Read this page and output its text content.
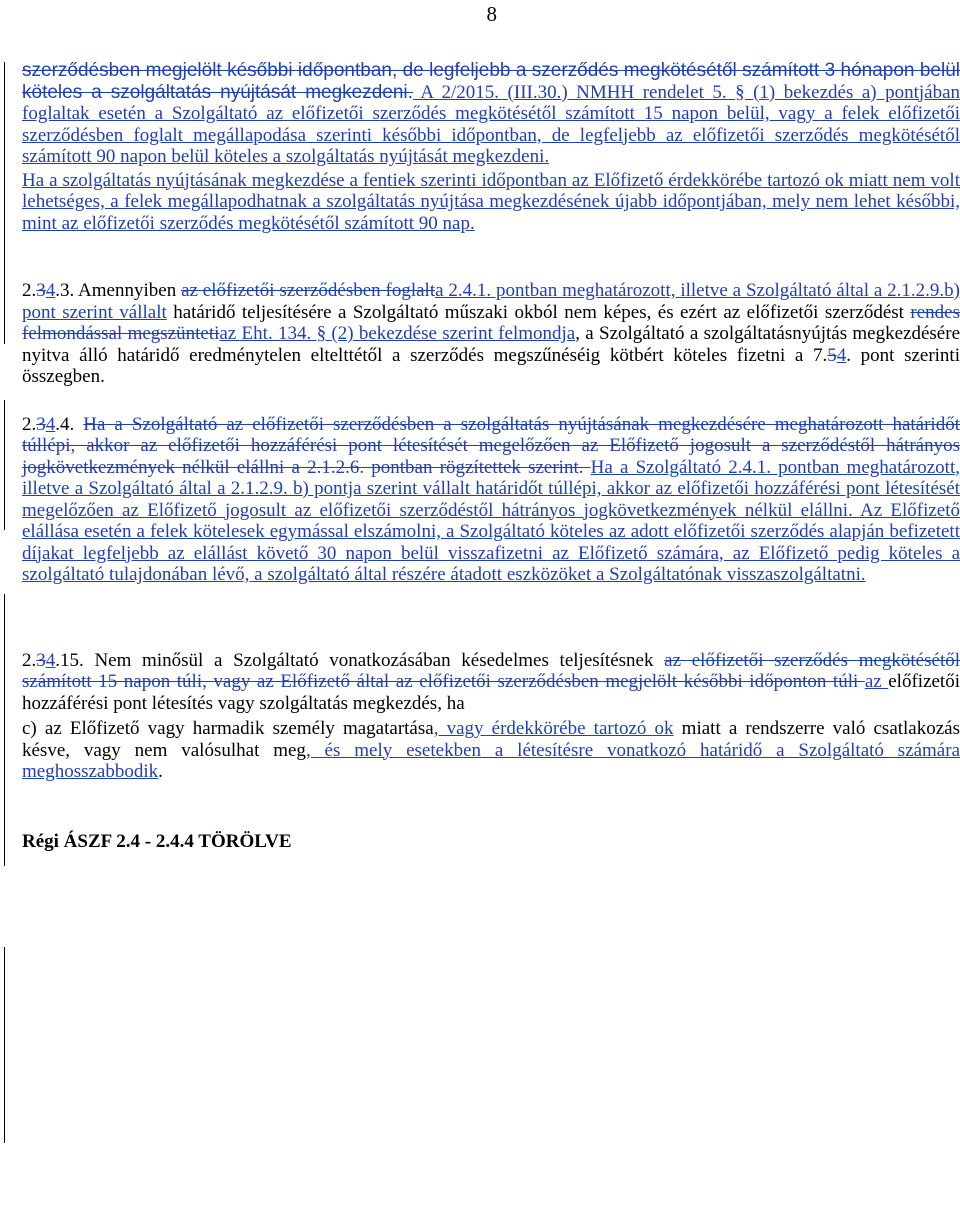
8

szerződésben megjelölt későbbi időpontban, de legfeljebb a szerződés megkötésétől számított 3 hónapon belül köteles a szolgáltatás nyújtását megkezdeni. A 2/2015. (III.30.) NMHH rendelet 5. § (1) bekezdés a) pontjában foglaltak esetén a Szolgáltató az előfizetői szerződés megkötésétől számított 15 napon belül, vagy a felek előfizetői szerződésben foglalt megállapodása szerinti későbbi időpontban, de legfeljebb az előfizetői szerződés megkötésétől számított 90 napon belül köteles a szolgáltatás nyújtását megkezdeni.

Ha a szolgáltatás nyújtásának megkezdése a fentiek szerinti időpontban az Előfizető érdekkörébe tartozó ok miatt nem volt lehetséges, a felek megállapodhatnak a szolgáltatás nyújtása megkezdésének újabb időpontjában, mely nem lehet későbbi, mint az előfizetői szerződés megkötésétől számított 90 nap.

2.34.3. Amennyiben az előfizetői szerződésben foglalta 2.4.1. pontban meghatározott, illetve a Szolgáltató által a 2.1.2.9.b) pont szerint vállalt határidő teljesítésére a Szolgáltató műszaki okból nem képes, és ezért az előfizetői szerződést rendes felmondással megszüntetiaz Eht. 134. § (2) bekezdése szerint felmondja, a Szolgáltató a szolgáltatásnyújtás megkezdésére nyitva álló határidő eredménytelen eltelttétől a szerződés megszűnéséig kötbért köteles fizetni a 7.54. pont szerinti összegben.

2.34.4. Ha a Szolgáltató az előfizetői szerződésben a szolgáltatás nyújtásának megkezdésére meghatározott határidőt túllépi, akkor az előfizetői hozzáférési pont létesítését megelőzően az Előfizető jogosult a szerződéstől hátrányos jogkövetkezmények nélkül elállni a 2.1.2.6. pontban rögzítettek szerint. Ha a Szolgáltató 2.4.1. pontban meghatározott, illetve a Szolgáltató által a 2.1.2.9. b) pontja szerint vállalt határidőt túllépi, akkor az előfizetői hozzáférési pont létesítését megelőzően az Előfizető jogosult az előfizetői szerződéstől hátrányos jogkövetkezmények nélkül elállni. Az Előfizető elállása esetén a felek kötelesek egymással elszámolni, a Szolgáltató köteles az adott előfizetői szerződés alapján befizetett díjakat legfeljebb az elállást követő 30 napon belül visszafizetni az Előfizető számára, az Előfizető pedig köteles a szolgáltató tulajdonában lévő, a szolgáltató által részére átadott eszközöket a Szolgáltatónak visszaszolgáltatni.

2.34.15. Nem minősül a Szolgáltató vonatkozásában késedelmes teljesítésnek az előfizetői szerződés megkötésétől számított 15 napon túli, vagy az Előfizető által az előfizetői szerződésben megjelölt későbbi időponton túli az előfizetői hozzáférési pont létesítés vagy szolgáltatás megkezdés, ha

c) az Előfizető vagy harmadik személy magatartása, vagy érdekkörébe tartozó ok miatt a rendszerre való csatlakozás késve, vagy nem valósulhat meg, és mely esetekben a létesítésre vonatkozó határidő a Szolgáltató számára meghosszabbodik.

Régi ÁSZF 2.4 - 2.4.4 TÖRÖLVE
